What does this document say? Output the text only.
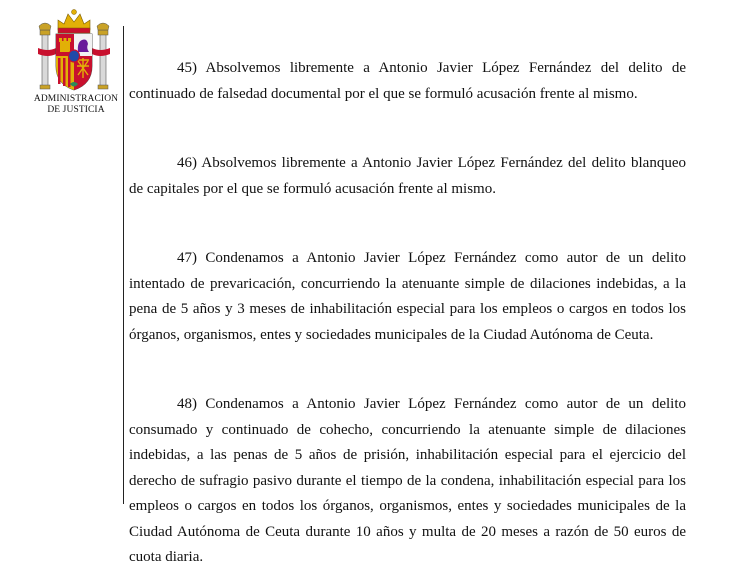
ADMINISTRACION
DE JUSTICIA

45) Absolvemos libremente a Antonio Javier López Fernández del delito de continuado de falsedad documental por el que se formuló acusación frente al mismo.

46) Absolvemos libremente a Antonio Javier López Fernández del delito blanqueo de capitales por el que se formuló acusación frente al mismo.

47) Condenamos a Antonio Javier López Fernández como autor de un delito intentado de prevaricación, concurriendo la atenuante simple de dilaciones indebidas, a la pena de 5 años y 3 meses de inhabilitación especial para los empleos o cargos en todos los órganos, organismos, entes y sociedades municipales de la Ciudad Autónoma de Ceuta.

48) Condenamos a Antonio Javier López Fernández como autor de un delito consumado y continuado de cohecho, concurriendo la atenuante simple de dilaciones indebidas, a las penas de 5 años de prisión, inhabilitación especial para el ejercicio del derecho de sufragio pasivo durante el tiempo de la condena, inhabilitación especial para los empleos o cargos en todos los órganos, organismos, entes y sociedades municipales de la Ciudad Autónoma de Ceuta durante 10 años y multa de 20 meses a razón de 50 euros de cuota diaria.
